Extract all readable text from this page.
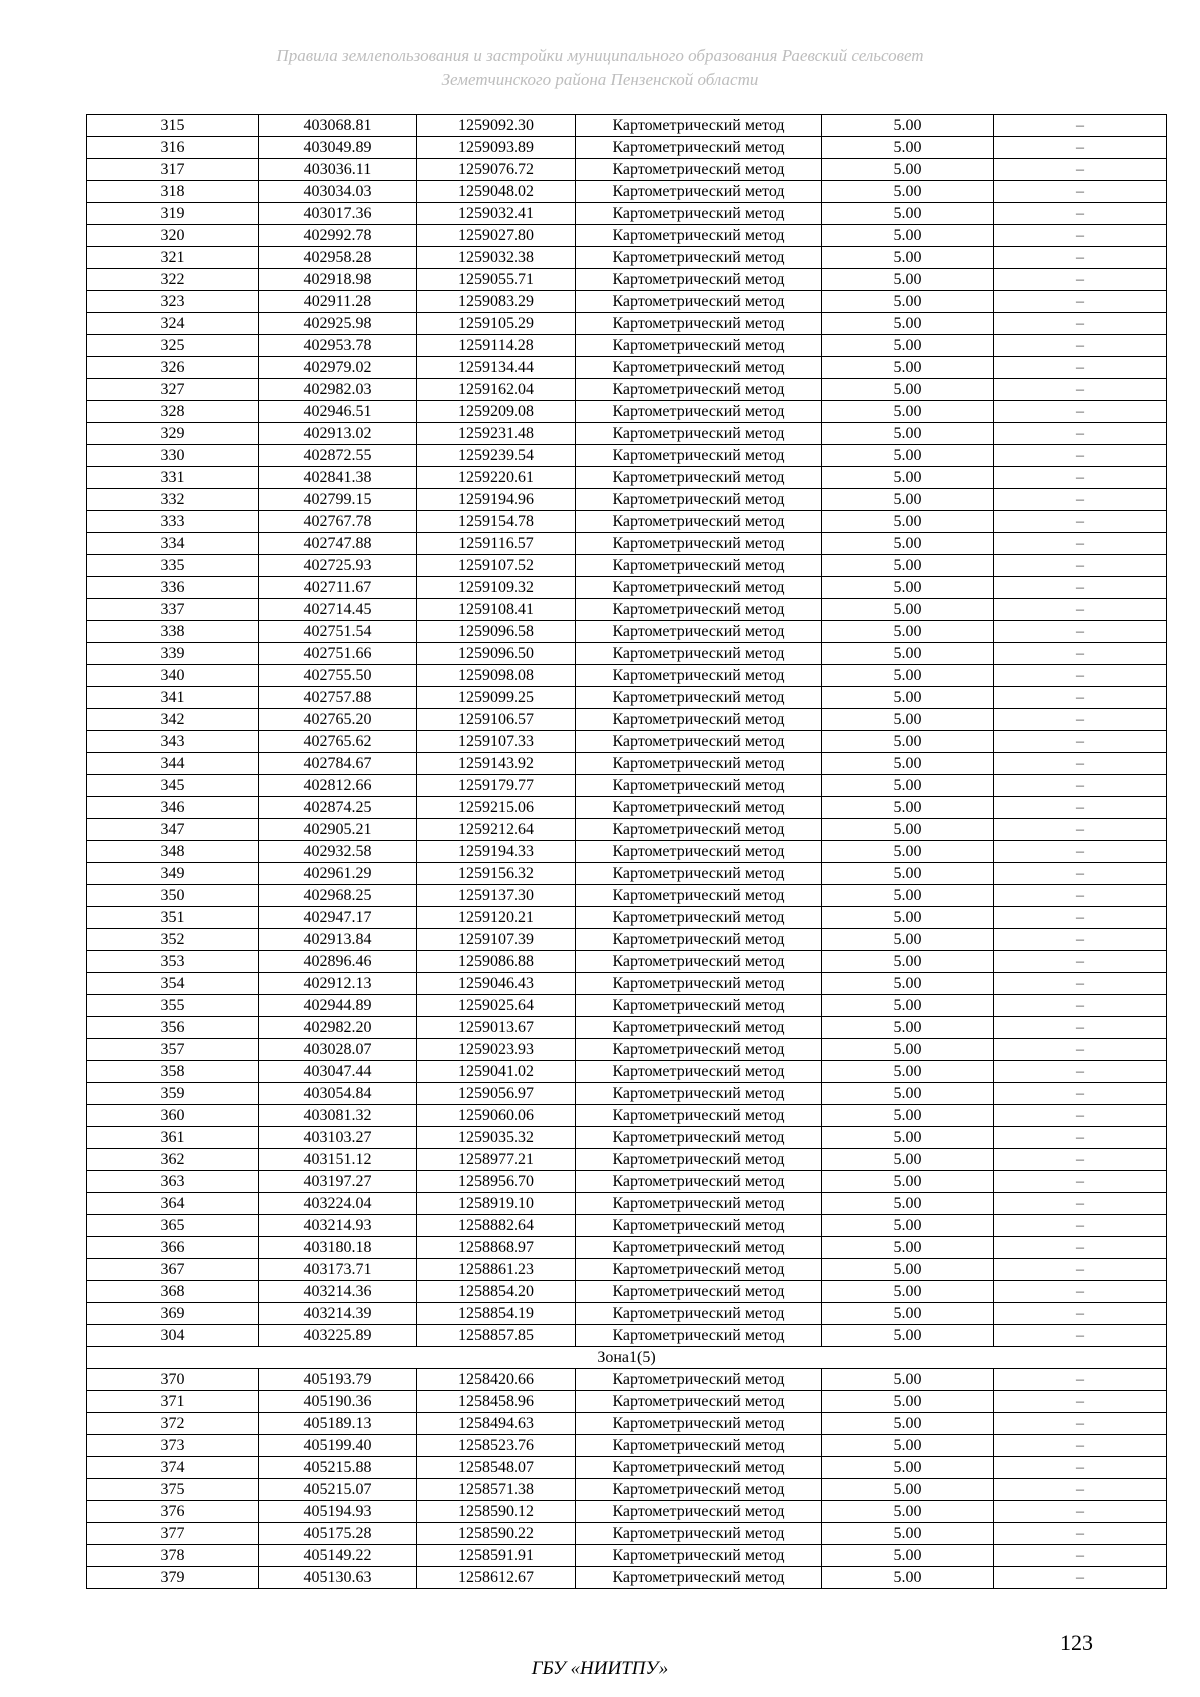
Правила землепользования и застройки муниципального образования Раевский сельсовет
Земетчинского района Пензенской области
315	403068.81	1259092.30	Картометрический метод	5.00	–
316	403049.89	1259093.89	Картометрический метод	5.00	–
317	403036.11	1259076.72	Картометрический метод	5.00	–
318	403034.03	1259048.02	Картометрический метод	5.00	–
319	403017.36	1259032.41	Картометрический метод	5.00	–
320	402992.78	1259027.80	Картометрический метод	5.00	–
321	402958.28	1259032.38	Картометрический метод	5.00	–
322	402918.98	1259055.71	Картометрический метод	5.00	–
323	402911.28	1259083.29	Картометрический метод	5.00	–
324	402925.98	1259105.29	Картометрический метод	5.00	–
325	402953.78	1259114.28	Картометрический метод	5.00	–
326	402979.02	1259134.44	Картометрический метод	5.00	–
327	402982.03	1259162.04	Картометрический метод	5.00	–
328	402946.51	1259209.08	Картометрический метод	5.00	–
329	402913.02	1259231.48	Картометрический метод	5.00	–
330	402872.55	1259239.54	Картометрический метод	5.00	–
331	402841.38	1259220.61	Картометрический метод	5.00	–
332	402799.15	1259194.96	Картометрический метод	5.00	–
333	402767.78	1259154.78	Картометрический метод	5.00	–
334	402747.88	1259116.57	Картометрический метод	5.00	–
335	402725.93	1259107.52	Картометрический метод	5.00	–
336	402711.67	1259109.32	Картометрический метод	5.00	–
337	402714.45	1259108.41	Картометрический метод	5.00	–
338	402751.54	1259096.58	Картометрический метод	5.00	–
339	402751.66	1259096.50	Картометрический метод	5.00	–
340	402755.50	1259098.08	Картометрический метод	5.00	–
341	402757.88	1259099.25	Картометрический метод	5.00	–
342	402765.20	1259106.57	Картометрический метод	5.00	–
343	402765.62	1259107.33	Картометрический метод	5.00	–
344	402784.67	1259143.92	Картометрический метод	5.00	–
345	402812.66	1259179.77	Картометрический метод	5.00	–
346	402874.25	1259215.06	Картометрический метод	5.00	–
347	402905.21	1259212.64	Картометрический метод	5.00	–
348	402932.58	1259194.33	Картометрический метод	5.00	–
349	402961.29	1259156.32	Картометрический метод	5.00	–
350	402968.25	1259137.30	Картометрический метод	5.00	–
351	402947.17	1259120.21	Картометрический метод	5.00	–
352	402913.84	1259107.39	Картометрический метод	5.00	–
353	402896.46	1259086.88	Картометрический метод	5.00	–
354	402912.13	1259046.43	Картометрический метод	5.00	–
355	402944.89	1259025.64	Картометрический метод	5.00	–
356	402982.20	1259013.67	Картометрический метод	5.00	–
357	403028.07	1259023.93	Картометрический метод	5.00	–
358	403047.44	1259041.02	Картометрический метод	5.00	–
359	403054.84	1259056.97	Картометрический метод	5.00	–
360	403081.32	1259060.06	Картометрический метод	5.00	–
361	403103.27	1259035.32	Картометрический метод	5.00	–
362	403151.12	1258977.21	Картометрический метод	5.00	–
363	403197.27	1258956.70	Картометрический метод	5.00	–
364	403224.04	1258919.10	Картометрический метод	5.00	–
365	403214.93	1258882.64	Картометрический метод	5.00	–
366	403180.18	1258868.97	Картометрический метод	5.00	–
367	403173.71	1258861.23	Картометрический метод	5.00	–
368	403214.36	1258854.20	Картометрический метод	5.00	–
369	403214.39	1258854.19	Картометрический метод	5.00	–
304	403225.89	1258857.85	Картометрический метод	5.00	–
Зона1(5)					
370	405193.79	1258420.66	Картометрический метод	5.00	–
371	405190.36	1258458.96	Картометрический метод	5.00	–
372	405189.13	1258494.63	Картометрический метод	5.00	–
373	405199.40	1258523.76	Картометрический метод	5.00	–
374	405215.88	1258548.07	Картометрический метод	5.00	–
375	405215.07	1258571.38	Картометрический метод	5.00	–
376	405194.93	1258590.12	Картометрический метод	5.00	–
377	405175.28	1258590.22	Картометрический метод	5.00	–
378	405149.22	1258591.91	Картометрический метод	5.00	–
379	405130.63	1258612.67	Картометрический метод	5.00	–
123
ГБУ «НИИТПУ»
